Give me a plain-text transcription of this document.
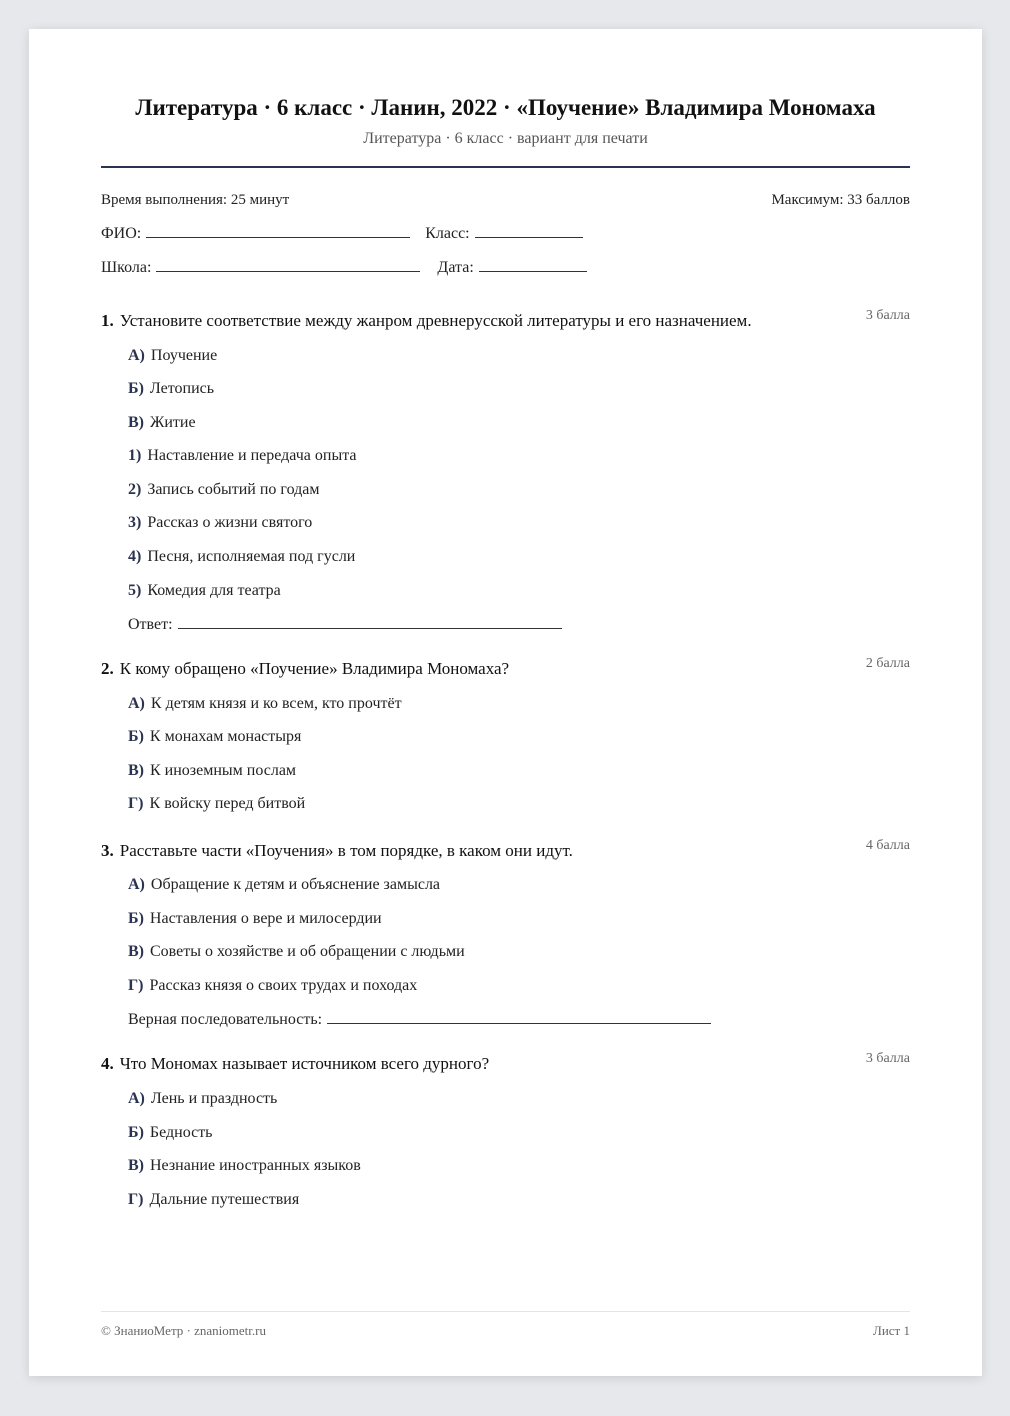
Литература · 6 класс · Ланин, 2022 · «Поучение» Владимира Мономаха
Литература · 6 класс · вариант для печати
Время выполнения: 25 минут	Максимум: 33 баллов
ФИО:	Класс:
Школа:	Дата:
1. Установите соответствие между жанром древнерусской литературы и его назначением.	3 балла
А) Поучение
Б) Летопись
В) Житие
1) Наставление и передача опыта
2) Запись событий по годам
3) Рассказ о жизни святого
4) Песня, исполняемая под гусли
5) Комедия для театра
Ответ:
2. К кому обращено «Поучение» Владимира Мономаха?	2 балла
А) К детям князя и ко всем, кто прочтёт
Б) К монахам монастыря
В) К иноземным послам
Г) К войску перед битвой
3. Расставьте части «Поучения» в том порядке, в каком они идут.	4 балла
А) Обращение к детям и объяснение замысла
Б) Наставления о вере и милосердии
В) Советы о хозяйстве и об обращении с людьми
Г) Рассказ князя о своих трудах и походах
Верная последовательность:
4. Что Мономах называет источником всего дурного?	3 балла
А) Лень и праздность
Б) Бедность
В) Незнание иностранных языков
Г) Дальние путешествия
© ЗнаниоМетр · znaniometr.ru	Лист 1
